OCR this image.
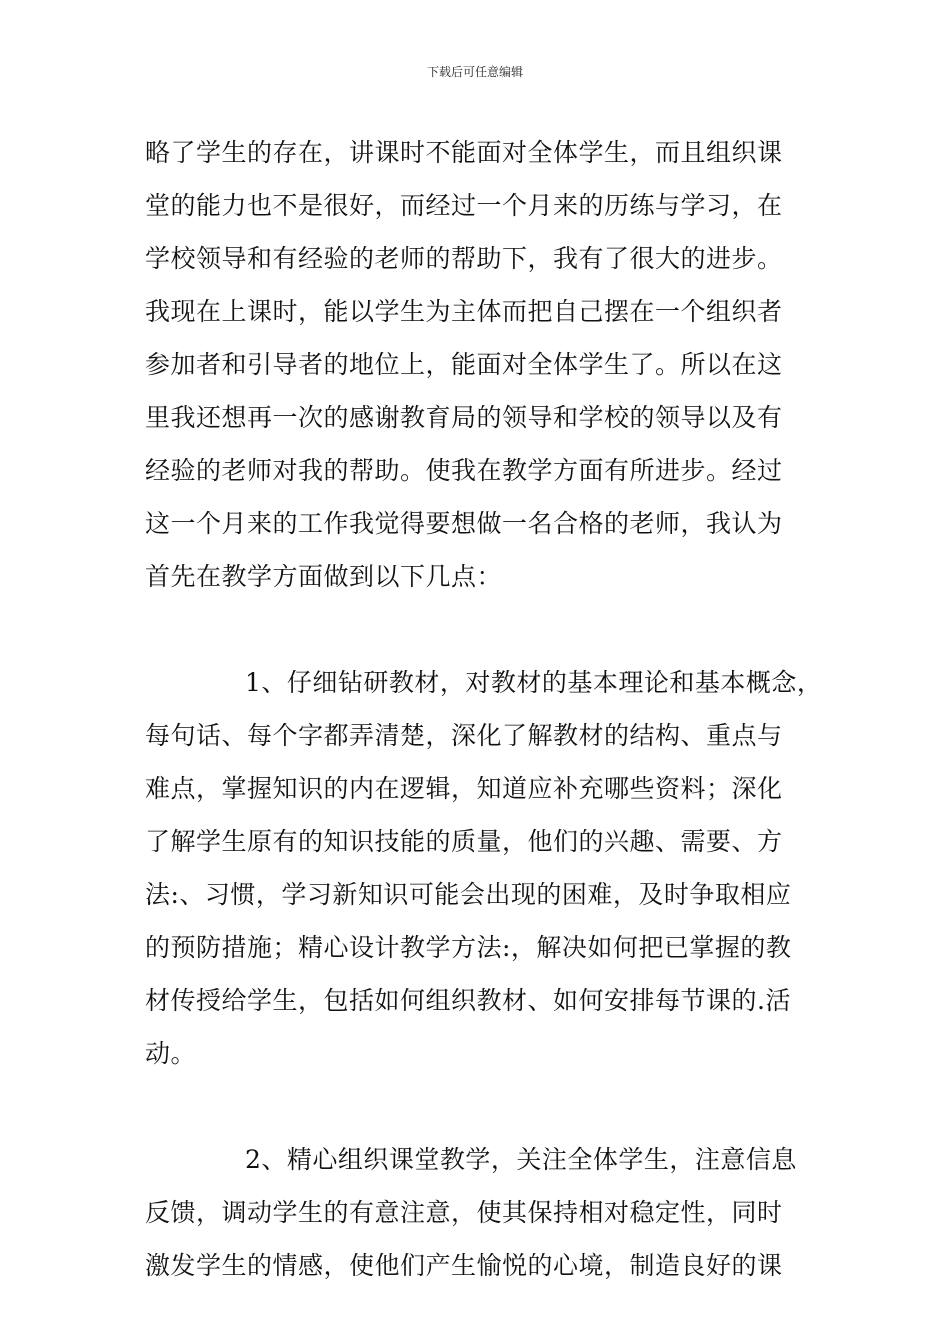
下载后可任意编辑

略了学生的存在，讲课时不能面对全体学生，而且组织课

堂的能力也不是很好，而经过一个月来的历练与学习，在

学校领导和有经验的老师的帮助下，我有了很大的进步。

我现在上课时，能以学生为主体而把自己摆在一个组织者

参加者和引导者的地位上，能面对全体学生了。所以在这

里我还想再一次的感谢教育局的领导和学校的领导以及有

经验的老师对我的帮助。使我在教学方面有所进步。经过

这一个月来的工作我觉得要想做一名合格的老师，我认为

首先在教学方面做到以下几点：

1、仔细钻研教材，对教材的基本理论和基本概念，

每句话、每个字都弄清楚，深化了解教材的结构、重点与

难点，掌握知识的内在逻辑，知道应补充哪些资料；深化

了解学生原有的知识技能的质量，他们的兴趣、需要、方

法:、习惯，学习新知识可能会出现的困难，及时争取相应

的预防措施；精心设计教学方法:，解决如何把已掌握的教

材传授给学生，包括如何组织教材、如何安排每节课的.活

动。

2、精心组织课堂教学，关注全体学生，注意信息

反馈，调动学生的有意注意，使其保持相对稳定性，同时

激发学生的情感，使他们产生愉悦的心境，制造良好的课
